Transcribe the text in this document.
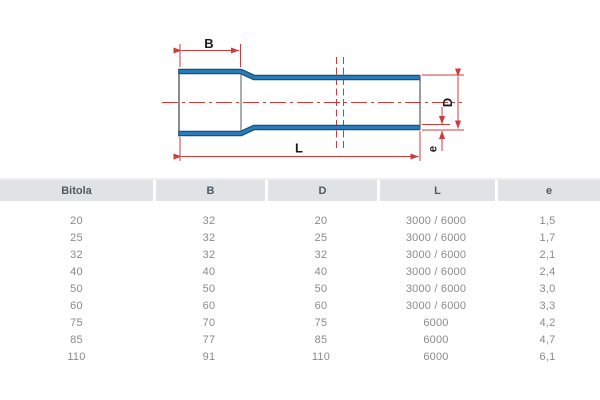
B
L
D
e
Bitola	B	D	L	e
20	32	20	3000 / 6000	1,5
25	32	25	3000 / 6000	1,7
32	32	32	3000 / 6000	2,1
40	40	40	3000 / 6000	2,4
50	50	50	3000 / 6000	3,0
60	60	60	3000 / 6000	3,3
75	70	75	6000	4,2
85	77	85	6000	4,7
110	91	110	6000	6,1
